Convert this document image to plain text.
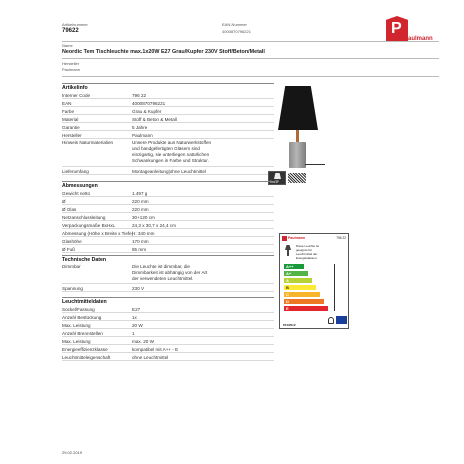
Artikelnummer
79622
EAN-Nummer
4000870796221	P
Paulmann
Name
Neordic Tem Tischleuchte max.1x20W E27 Grau/Kupfer 230V Stoff/Beton/Metall
Hersteller
Paulmann
Artikelinfo
Interner Code	796 22
EAN	4000870796221
Farbe	Grau & Kupfer
Material	Stoff & Beton & Metall
Garantie	5 Jahre
Hersteller	Paulmann
Hinweis Naturmaterialien	Unsere Produkte aus Naturwerkstoffen
und handgefertigten Gläsern sind
einzigartig, sie unterliegen natürlichen
Schwankungen in Farbe und Struktur.
Lieferumfang	Montageanleitung|ohne Leuchtmittel
0m/3F
Abmessungen
Gewicht netto	1.497 g
Ø	220 mm
Ø Glas	220 mm
Netzanschlussleitung	30+120 cm
Verpackungsmaße BxHxL	24,3 x 30,7 x 24,4 cm
Abmessung (Höhe x Breite x Tiefe)
H: 340 mm
Glashöhe	170 mm
Ø Fuß	85 mm
Technische Daten
Dimmbar	Die Leuchte ist dimmbar, die
Dimmbarkeit ist abhängig von der Art
der verwendeten Leuchtmittel.
Spannung	230 V
Leuchtmitteldaten
Sockel/Fassung	E27
Anzahl Bestückung	1x
Max. Leistung	20 W
Anzahl Brennstellen	1
Max. Leistung	max. 20 W
Energieeffizienzklasse	kompatibel mit A++ - E
Leuchtmitteleigenschaft	ohne Leuchtmittel
Paulmann	796 22
Diese Leuchte ist
geeignet für
Leuchtmittel der
Energieklassen:
A++
A+
A
B
C
D
E
874/2012
29.02.2019
